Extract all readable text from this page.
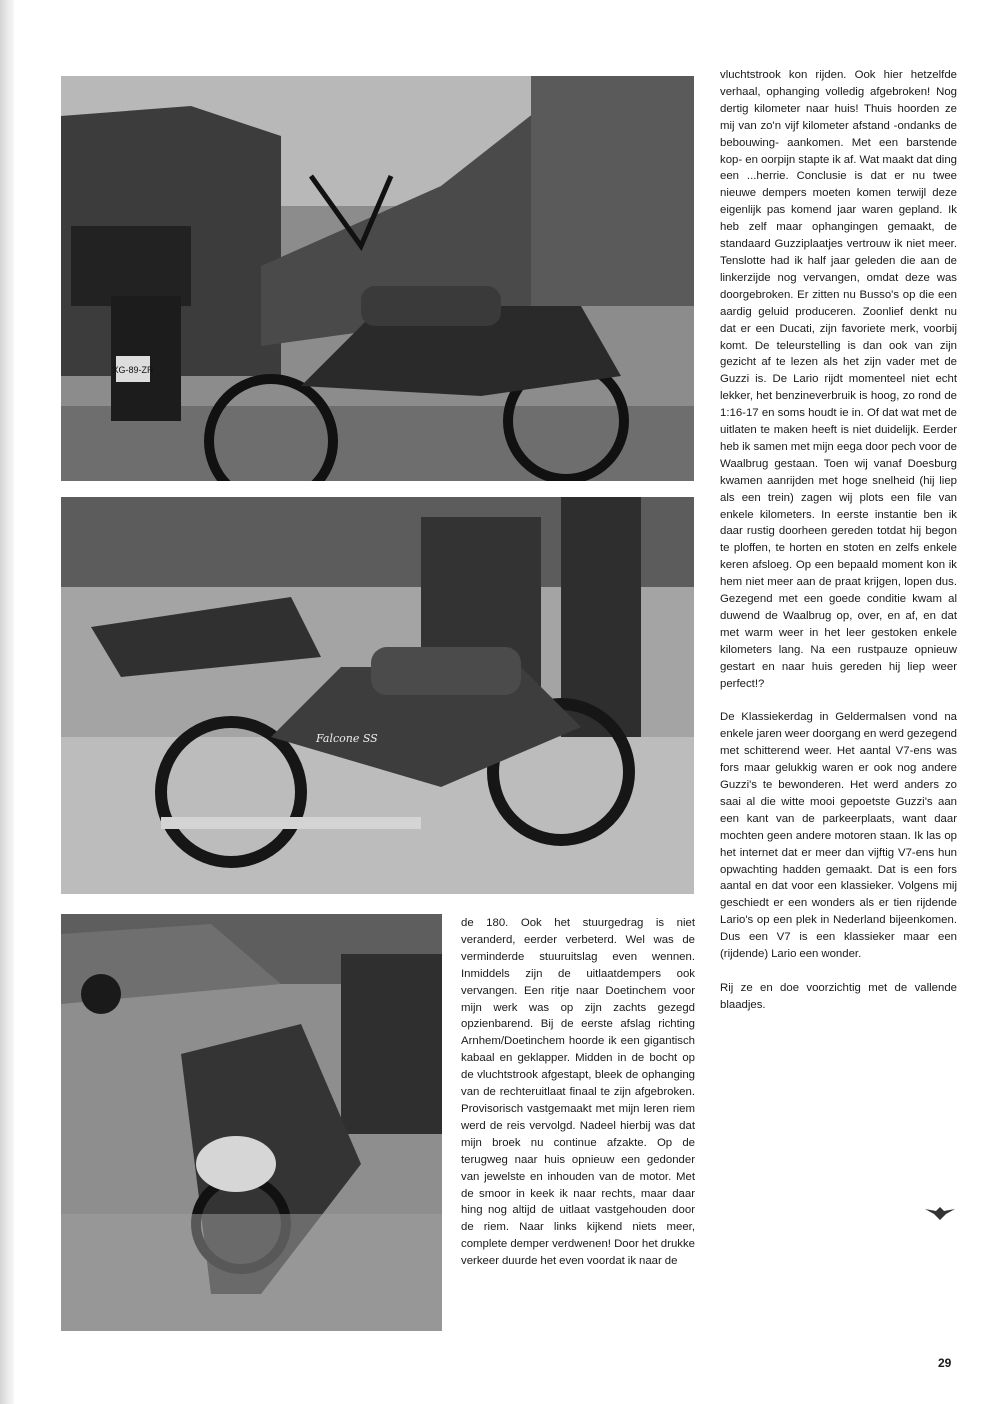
XG-89-ZR
Falcone SS

de 180. Ook het stuurgedrag is niet veranderd, eerder verbeterd. Wel was de verminderde stuuruitslag even wennen. Inmiddels zijn de uitlaatdempers ook vervangen. Een ritje naar Doetinchem voor mijn werk was op zijn zachts gezegd opzienbarend. Bij de eerste afslag richting Arnhem/Doetinchem hoorde ik een gigantisch kabaal en geklapper. Midden in de bocht op de vluchtstrook afgestapt, bleek de ophanging van de rechteruitlaat finaal te zijn afgebroken. Provisorisch vastgemaakt met mijn leren riem werd de reis vervolgd. Nadeel hierbij was dat mijn broek nu continue afzakte. Op de terugweg naar huis opnieuw een gedonder van jewelste en inhouden van de motor. Met de smoor in keek ik naar rechts, maar daar hing nog altijd de uitlaat vastgehouden door de riem. Naar links kijkend niets meer, complete demper verdwenen! Door het drukke verkeer duurde het even voordat ik naar de

vluchtstrook kon rijden. Ook hier hetzelfde verhaal, ophanging volledig afgebroken! Nog dertig kilometer naar huis! Thuis hoorden ze mij van zo'n vijf kilometer afstand -ondanks de bebouwing- aankomen. Met een barstende kop- en oorpijn stapte ik af. Wat maakt dat ding een ...herrie. Conclusie is dat er nu twee nieuwe dempers moeten komen terwijl deze eigenlijk pas komend jaar waren gepland. Ik heb zelf maar ophangingen gemaakt, de standaard Guzziplaatjes vertrouw ik niet meer. Tenslotte had ik half jaar geleden die aan de linkerzijde nog vervangen, omdat deze was doorgebroken. Er zitten nu Busso's op die een aardig geluid produceren. Zoonlief denkt nu dat er een Ducati, zijn favoriete merk, voorbij komt. De teleurstelling is dan ook van zijn gezicht af te lezen als het zijn vader met de Guzzi is. De Lario rijdt momenteel niet echt lekker, het benzineverbruik is hoog, zo rond de 1:16-17 en soms houdt ie in. Of dat wat met de uitlaten te maken heeft is niet duidelijk. Eerder heb ik samen met mijn eega door pech voor de Waalbrug gestaan. Toen wij vanaf Doesburg kwamen aanrijden met hoge snelheid (hij liep als een trein) zagen wij plots een file van enkele kilometers. In eerste instantie ben ik daar rustig doorheen gereden totdat hij begon te ploffen, te horten en stoten en zelfs enkele keren afsloeg. Op een bepaald moment kon ik hem niet meer aan de praat krijgen, lopen dus. Gezegend met een goede conditie kwam al duwend de Waalbrug op, over, en af, en dat met warm weer in het leer gestoken enkele kilometers lang. Na een rustpauze opnieuw gestart en naar huis gereden hij liep weer perfect!?

De Klassiekerdag in Geldermalsen vond na enkele jaren weer doorgang en werd gezegend met schitterend weer. Het aantal V7-ens was fors maar gelukkig waren er ook nog andere Guzzi's te bewonderen. Het werd anders zo saai al die witte mooi gepoetste Guzzi's aan een kant van de parkeerplaats, want daar mochten geen andere motoren staan. Ik las op het internet dat er meer dan vijftig V7-ens hun opwachting hadden gemaakt. Dat is een fors aantal en dat voor een klassieker. Volgens mij geschiedt er een wonders als er tien rijdende Lario's op een plek in Nederland bijeenkomen. Dus een V7 is een klassieker maar een (rijdende) Lario een wonder.

Rij ze en doe voorzichtig met de vallende blaadjes.

29
